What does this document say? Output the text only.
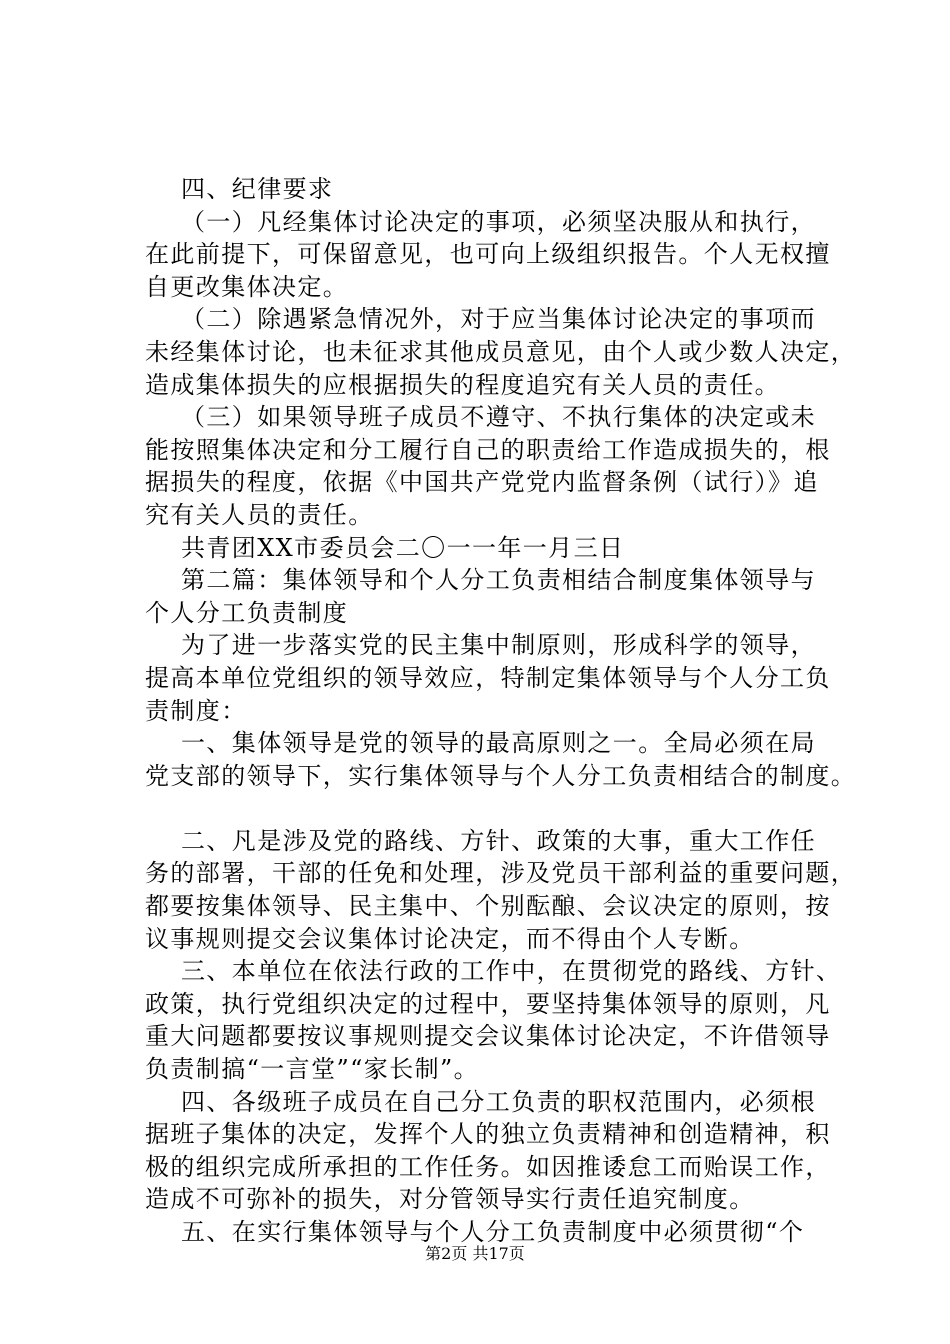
四、纪律要求
（一）凡经集体讨论决定的事项，必须坚决服从和执行，
在此前提下，可保留意见，也可向上级组织报告。个人无权擅
自更改集体决定。
（二）除遇紧急情况外，对于应当集体讨论决定的事项而
未经集体讨论，也未征求其他成员意见，由个人或少数人决定，
造成集体损失的应根据损失的程度追究有关人员的责任。
（三）如果领导班子成员不遵守、不执行集体的决定或未
能按照集体决定和分工履行自己的职责给工作造成损失的，根
据损失的程度，依据《中国共产党党内监督条例（试行）》追
究有关人员的责任。
共青团XX市委员会二〇一一年一月三日
第二篇：集体领导和个人分工负责相结合制度集体领导与
个人分工负责制度
为了进一步落实党的民主集中制原则，形成科学的领导，
提高本单位党组织的领导效应，特制定集体领导与个人分工负
责制度：
一、集体领导是党的领导的最高原则之一。全局必须在局
党支部的领导下，实行集体领导与个人分工负责相结合的制度。
二、凡是涉及党的路线、方针、政策的大事，重大工作任
务的部署，干部的任免和处理，涉及党员干部利益的重要问题，
都要按集体领导、民主集中、个别酝酿、会议决定的原则，按
议事规则提交会议集体讨论决定，而不得由个人专断。
三、本单位在依法行政的工作中，在贯彻党的路线、方针、
政策，执行党组织决定的过程中，要坚持集体领导的原则，凡
重大问题都要按议事规则提交会议集体讨论决定，不许借领导
负责制搞“一言堂”“家长制”。
四、各级班子成员在自己分工负责的职权范围内，必须根
据班子集体的决定，发挥个人的独立负责精神和创造精神，积
极的组织完成所承担的工作任务。如因推诿怠工而贻误工作，
造成不可弥补的损失，对分管领导实行责任追究制度。
五、在实行集体领导与个人分工负责制度中必须贯彻“个
第2页 共17页
